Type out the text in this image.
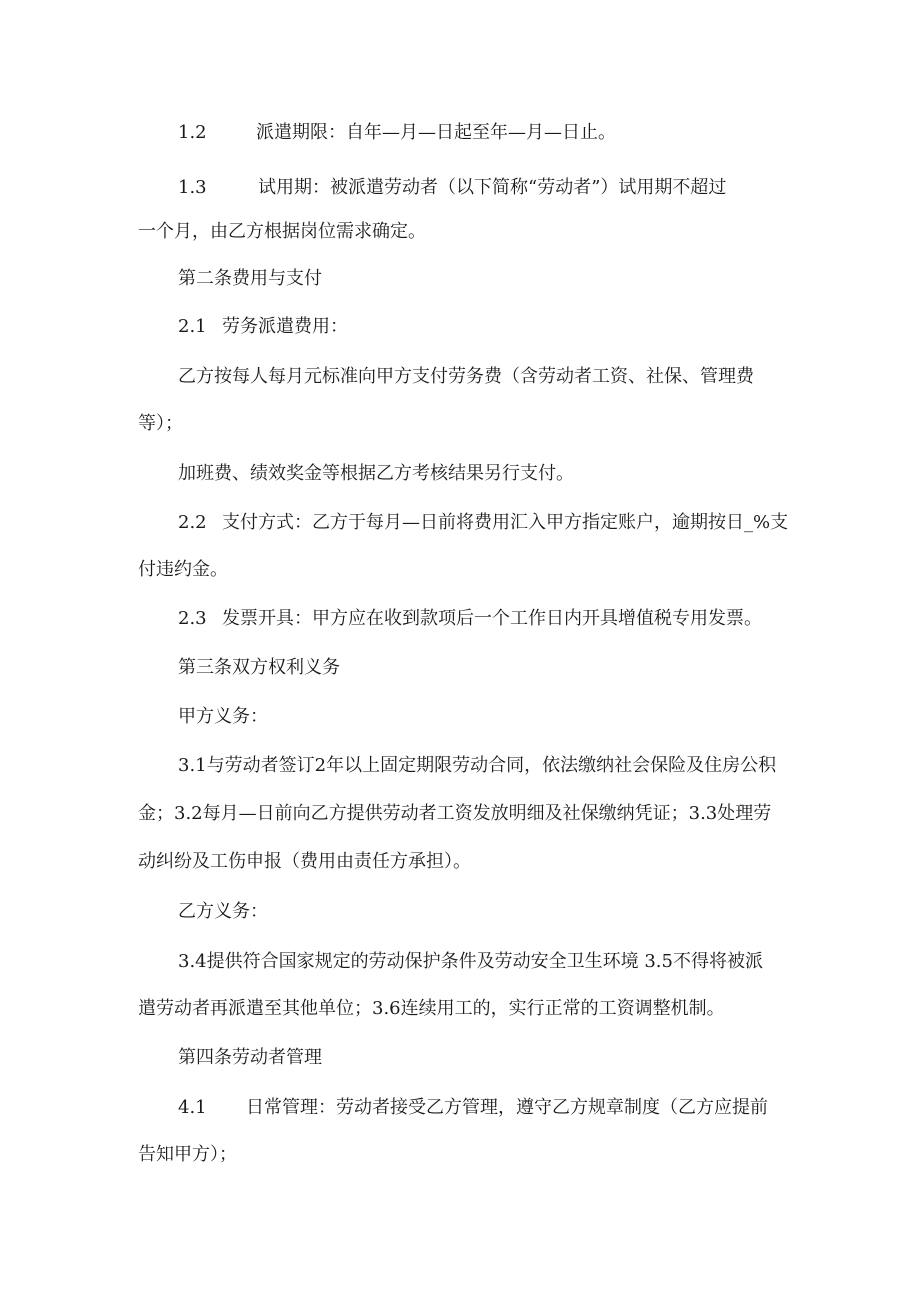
1.2	派遣期限：自年—月—日起至年—月—日止。

1.3	试用期：被派遣劳动者（以下简称“劳动者”）试用期不超过

一个月，由乙方根据岗位需求确定。

第二条费用与支付

2.1 劳务派遣费用：

乙方按每人每月元标准向甲方支付劳务费（含劳动者工资、社保、管理费

等）；

加班费、绩效奖金等根据乙方考核结果另行支付。

2.2 支付方式：乙方于每月—日前将费用汇入甲方指定账户，逾期按日_%支

付违约金。

2.3 发票开具：甲方应在收到款项后一个工作日内开具增值税专用发票。

第三条双方权利义务

甲方义务：

3.1与劳动者签订2年以上固定期限劳动合同，依法缴纳社会保险及住房公积

金；3.2每月—日前向乙方提供劳动者工资发放明细及社保缴纳凭证；3.3处理劳

动纠纷及工伤申报（费用由责任方承担）。

乙方义务：

3.4提供符合国家规定的劳动保护条件及劳动安全卫生环境 3.5不得将被派

遣劳动者再派遣至其他单位；3.6连续用工的，实行正常的工资调整机制。

第四条劳动者管理

4.1 日常管理：劳动者接受乙方管理，遵守乙方规章制度（乙方应提前

告知甲方）；
